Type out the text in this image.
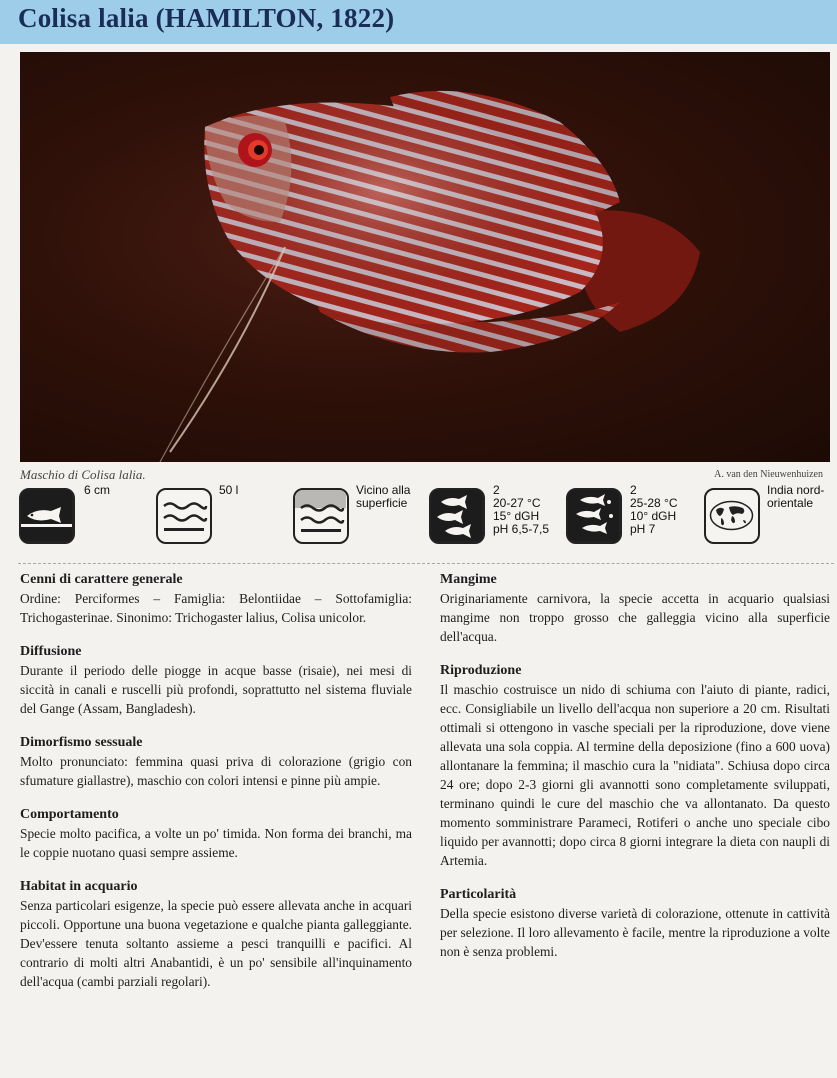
Colisa lalia (HAMILTON, 1822)
Maschio di Colisa lalia.	A. van den Nieuwenhuizen
6 cm	50 l	Vicino alla
superficie
2
20-27 °C
15° dGH
pH 6,5-7,5
2
25-28 °C
10° dGH
pH 7
India nord-
orientale
Cenni di carattere generale

Ordine: Perciformes – Famiglia: Belontiidae – Sottofamiglia: Trichogasterinae. Sinonimo: Trichogaster lalius, Colisa unicolor.

Diffusione

Durante il periodo delle piogge in acque basse (risaie), nei mesi di siccità in canali e ruscelli più profondi, soprattutto nel sistema fluviale del Gange (Assam, Bangladesh).

Dimorfismo sessuale

Molto pronunciato: femmina quasi priva di colorazione (grigio con sfumature giallastre), maschio con colori intensi e pinne più ampie.

Comportamento

Specie molto pacifica, a volte un po' timida. Non forma dei branchi, ma le coppie nuotano quasi sempre assieme.

Habitat in acquario

Senza particolari esigenze, la specie può essere allevata anche in acquari piccoli. Opportune una buona vegetazione e qualche pianta galleggiante. Dev'essere tenuta soltanto assieme a pesci tranquilli e pacifici. Al contrario di molti altri Anabantidi, è un po' sensibile all'inquinamento dell'acqua (cambi parziali regolari).

Mangime

Originariamente carnivora, la specie accetta in acquario qualsiasi mangime non troppo grosso che galleggia vicino alla superficie dell'acqua.

Riproduzione

Il maschio costruisce un nido di schiuma con l'aiuto di piante, radici, ecc. Consigliabile un livello dell'acqua non superiore a 20 cm. Risultati ottimali si ottengono in vasche speciali per la riproduzione, dove viene allevata una sola coppia. Al termine della deposizione (fino a 600 uova) allontanare la femmina; il maschio cura la "nidiata". Schiusa dopo circa 24 ore; dopo 2-3 giorni gli avannotti sono completamente sviluppati, terminano quindi le cure del maschio che va allontanato. Da questo momento somministrare Parameci, Rotiferi o anche uno speciale cibo liquido per avannotti; dopo circa 8 giorni integrare la dieta con naupli di Artemia.

Particolarità

Della specie esistono diverse varietà di colorazione, ottenute in cattività per selezione. Il loro allevamento è facile, mentre la riproduzione a volte non è senza problemi.
